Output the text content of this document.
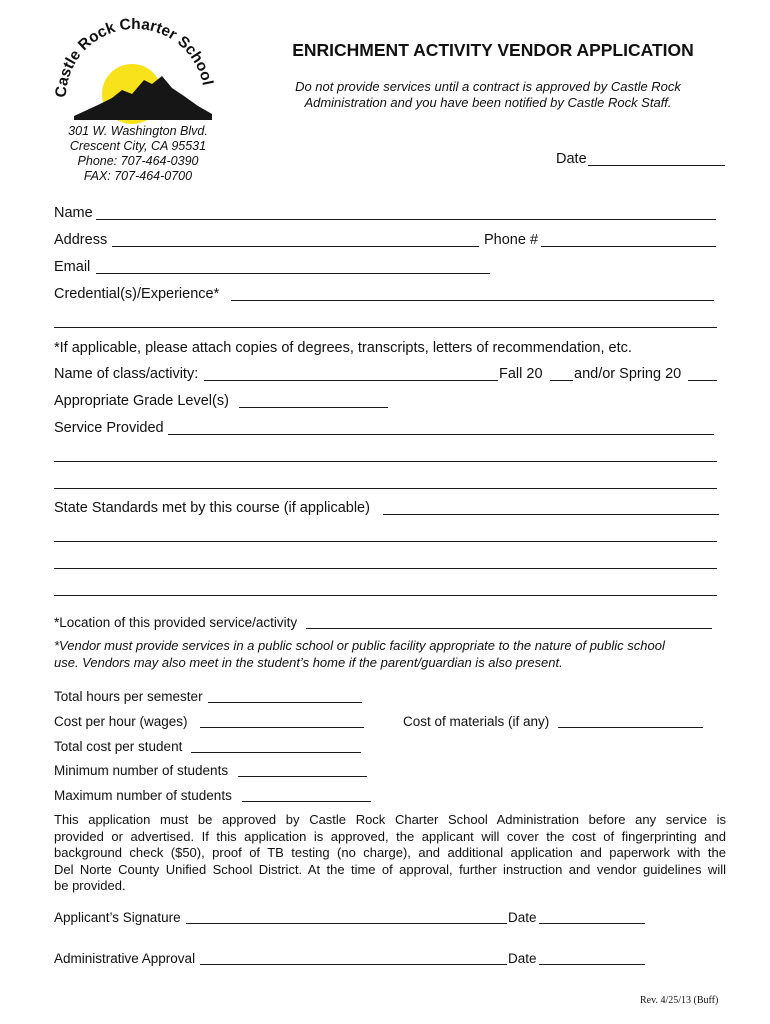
Castle Rock Charter School
301 W. Washington Blvd.
Crescent City, CA 95531
Phone: 707-464-0390
FAX: 707-464-0700
ENRICHMENT ACTIVITY VENDOR APPLICATION
Do not provide services until a contract is approved by Castle Rock
Administration and you have been notified by Castle Rock Staff.
Date
Name
Address	Phone #
Email
Credential(s)/Experience*
*If applicable, please attach copies of degrees, transcripts, letters of recommendation, etc.
Name of class/activity:	Fall 20 and/or Spring 20
Appropriate Grade Level(s)
Service Provided
State Standards met by this course (if applicable)
*Location of this provided service/activity
*Vendor must provide services in a public school or public facility appropriate to the nature of public school
use. Vendors may also meet in the student’s home if the parent/guardian is also present.
Total hours per semester
Cost per hour (wages)	Cost of materials (if any)
Total cost per student
Minimum number of students
Maximum number of students
This application must be approved by Castle Rock Charter School Administration before any service is
provided or advertised. If this application is approved, the applicant will cover the cost of fingerprinting and
background check ($50), proof of TB testing (no charge), and additional application and paperwork with the
Del Norte County Unified School District. At the time of approval, further instruction and vendor guidelines will
be provided.
Applicant’s Signature	Date
Administrative Approval	Date
Rev. 4/25/13 (Buff)
